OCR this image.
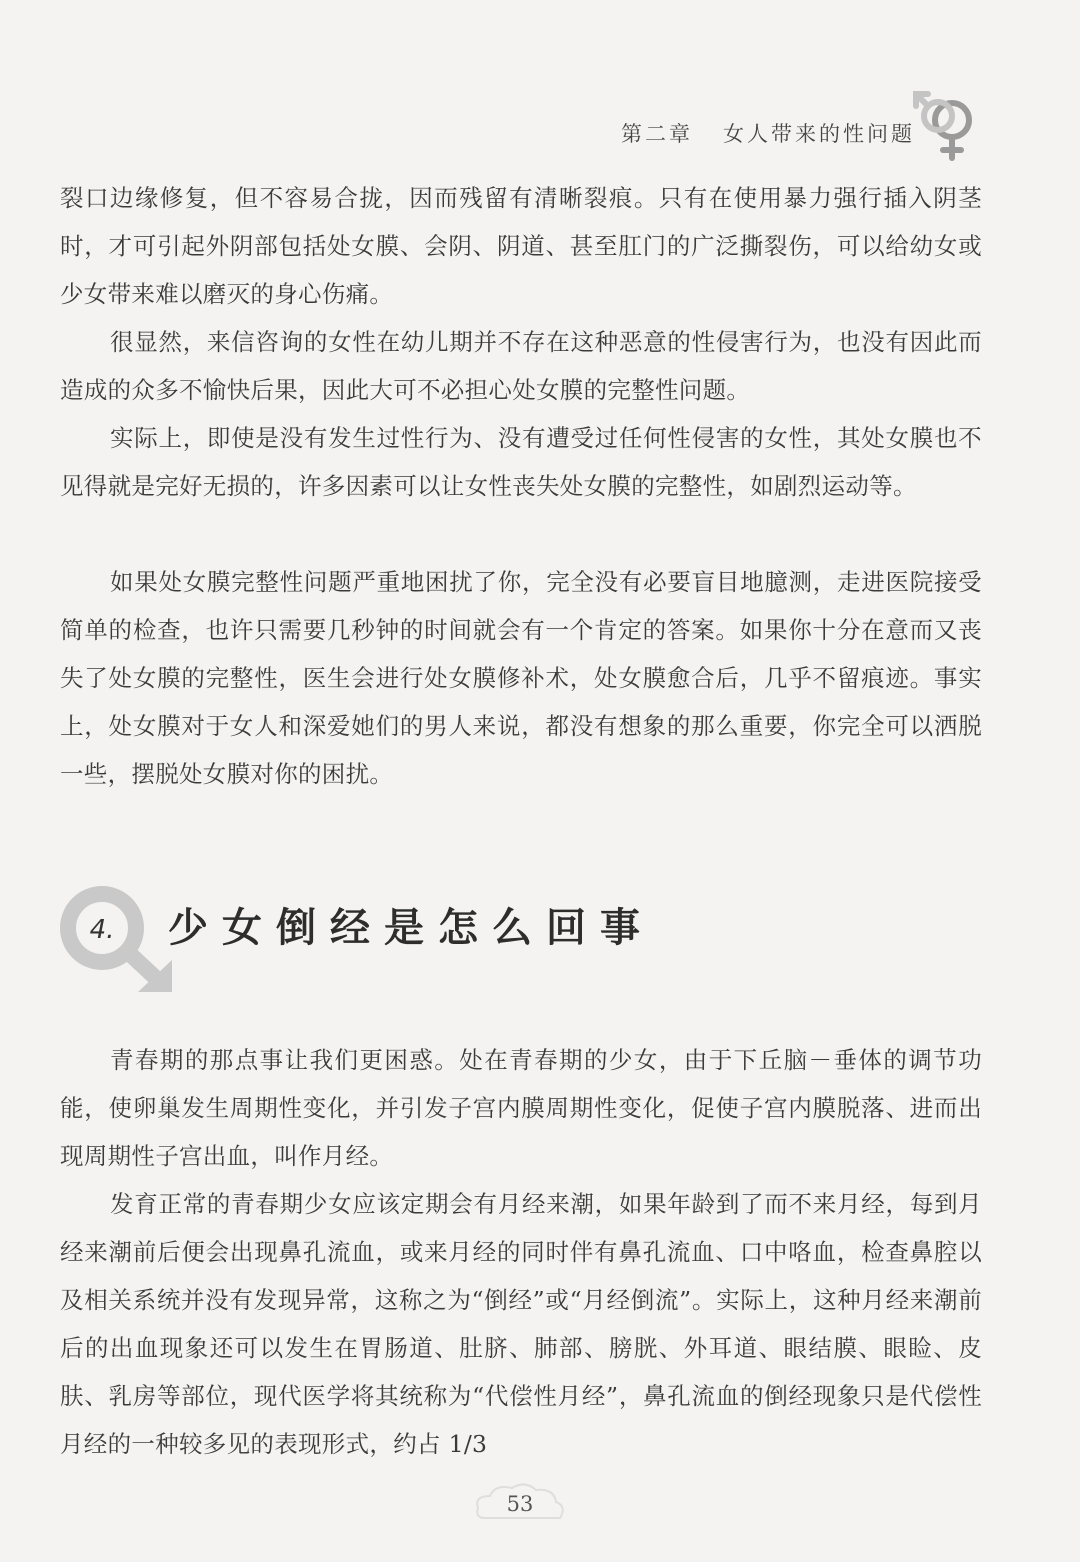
第二章 女人带来的性问题

裂口边缘修复，但不容易合拢，因而残留有清晰裂痕。只有在使用暴力强行插入阴茎时，才可引起外阴部包括处女膜、会阴、阴道、甚至肛门的广泛撕裂伤，可以给幼女或少女带来难以磨灭的身心伤痛。

很显然，来信咨询的女性在幼儿期并不存在这种恶意的性侵害行为，也没有因此而造成的众多不愉快后果，因此大可不必担心处女膜的完整性问题。

实际上，即使是没有发生过性行为、没有遭受过任何性侵害的女性，其处女膜也不见得就是完好无损的，许多因素可以让女性丧失处女膜的完整性，如剧烈运动等。

如果处女膜完整性问题严重地困扰了你，完全没有必要盲目地臆测，走进医院接受简单的检查，也许只需要几秒钟的时间就会有一个肯定的答案。如果你十分在意而又丧失了处女膜的完整性，医生会进行处女膜修补术，处女膜愈合后，几乎不留痕迹。事实上，处女膜对于女人和深爱她们的男人来说，都没有想象的那么重要，你完全可以洒脱一些，摆脱处女膜对你的困扰。

4. 少女倒经是怎么回事

青春期的那点事让我们更困惑。处在青春期的少女，由于下丘脑－垂体的调节功能，使卵巢发生周期性变化，并引发子宫内膜周期性变化，促使子宫内膜脱落、进而出现周期性子宫出血，叫作月经。

发育正常的青春期少女应该定期会有月经来潮，如果年龄到了而不来月经，每到月经来潮前后便会出现鼻孔流血，或来月经的同时伴有鼻孔流血、口中咯血，检查鼻腔以及相关系统并没有发现异常，这称之为“倒经”或“月经倒流”。实际上，这种月经来潮前后的出血现象还可以发生在胃肠道、肚脐、肺部、膀胱、外耳道、眼结膜、眼睑、皮肤、乳房等部位，现代医学将其统称为“代偿性月经”，鼻孔流血的倒经现象只是代偿性月经的一种较多见的表现形式，约占 1/3

53
